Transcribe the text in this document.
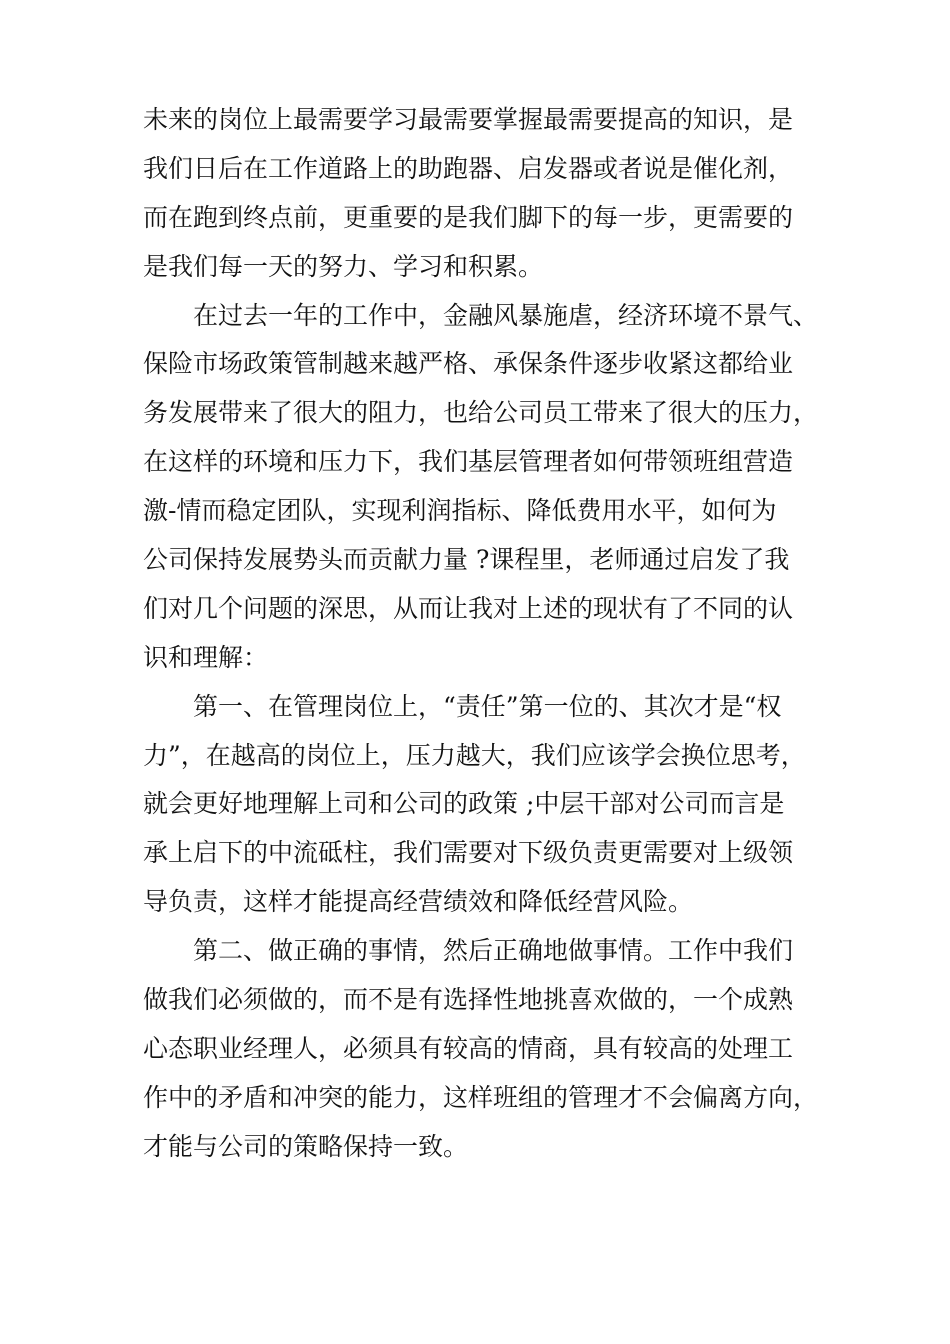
未来的岗位上最需要学习最需要掌握最需要提高的知识，是
我们日后在工作道路上的助跑器、启发器或者说是催化剂，
而在跑到终点前，更重要的是我们脚下的每一步，更需要的
是我们每一天的努力、学习和积累。
　　在过去一年的工作中，金融风暴施虐，经济环境不景气、
保险市场政策管制越来越严格、承保条件逐步收紧这都给业
务发展带来了很大的阻力，也给公司员工带来了很大的压力，
在这样的环境和压力下，我们基层管理者如何带领班组营造
激-情而稳定团队，实现利润指标、降低费用水平，如何为
公司保持发展势头而贡献力量 ?课程里，老师通过启发了我
们对几个问题的深思，从而让我对上述的现状有了不同的认
识和理解：
　　第一、在管理岗位上，“责任”第一位的、其次才是“权
力”，在越高的岗位上，压力越大，我们应该学会换位思考，
就会更好地理解上司和公司的政策 ;中层干部对公司而言是
承上启下的中流砥柱，我们需要对下级负责更需要对上级领
导负责，这样才能提高经营绩效和降低经营风险。
　　第二、做正确的事情，然后正确地做事情。工作中我们
做我们必须做的，而不是有选择性地挑喜欢做的，一个成熟
心态职业经理人，必须具有较高的情商，具有较高的处理工
作中的矛盾和冲突的能力，这样班组的管理才不会偏离方向，
才能与公司的策略保持一致。
